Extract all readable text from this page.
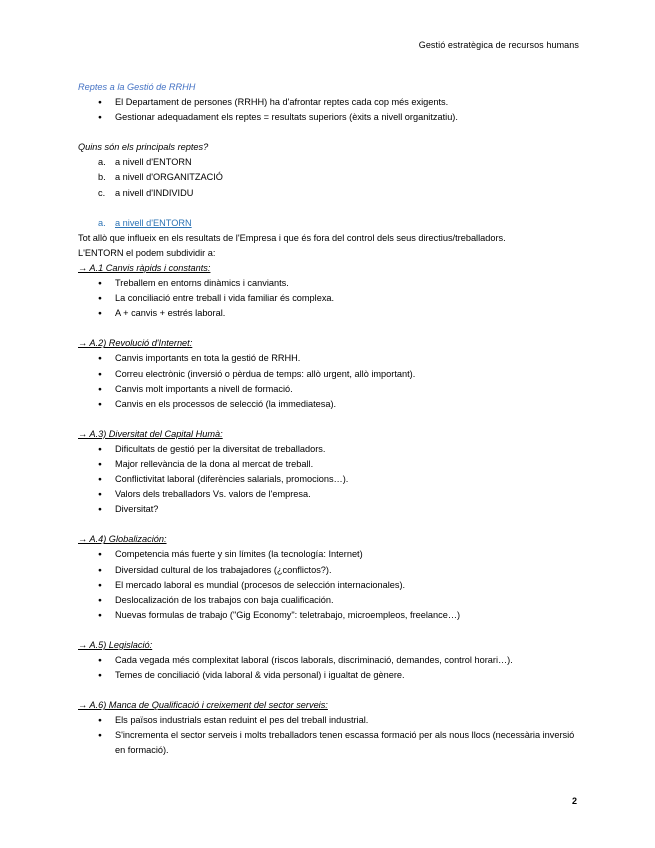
Gestió estratègica de recursos humans
Reptes a la Gestió de RRHH
● El Departament de persones (RRHH) ha d'afrontar reptes cada cop més exigents.
● Gestionar adequadament els reptes = resultats superiors (èxits a nivell organitzatiu).
Quins són els principals reptes?
a. a nivell d'ENTORN
b. a nivell d'ORGANITZACIÓ
c. a nivell d'INDIVIDU
a. a nivell d'ENTORN
Tot allò que influeix en els resultats de l'Empresa i que és fora del control dels seus directius/treballadors.
L'ENTORN el podem subdividir a:
→ A.1 Canvis ràpids i constants:
● Treballem en entorns dinàmics i canviants.
● La conciliació entre treball i vida familiar és complexa.
● A + canvis + estrés laboral.
→ A.2) Revolució d'Internet:
● Canvis importants en tota la gestió de RRHH.
● Correu electrònic (inversió o pèrdua de temps: allò urgent, allò important).
● Canvis molt importants a nivell de formació.
● Canvis en els processos de selecció (la immediatesa).
→ A.3) Diversitat del Capital Humà:
● Dificultats de gestió per la diversitat de treballadors.
● Major rellevància de la dona al mercat de treball.
● Conflictivitat laboral (diferències salarials, promocions…).
● Valors dels treballadors Vs. valors de l'empresa.
● Diversitat?
→ A.4) Globalización:
● Competencia más fuerte y sin límites (la tecnología: Internet)
● Diversidad cultural de los trabajadores (¿conflictos?).
● El mercado laboral es mundial (procesos de selección internacionales).
● Deslocalización de los trabajos con baja cualificación.
● Nuevas formulas de trabajo ("Gig Economy": teletrabajo, microempleos, freelance…)
→ A.5) Legislació:
● Cada vegada més complexitat laboral (riscos laborals, discriminació, demandes, control horari…).
● Temes de conciliació (vida laboral & vida personal) i igualtat de gènere.
→ A.6) Manca de Qualificació i creixement del sector serveis:
● Els països industrials estan reduint el pes del treball industrial.
● S'incrementa el sector serveis i molts treballadors tenen escassa formació per als nous llocs (necessària inversió en formació).
2
